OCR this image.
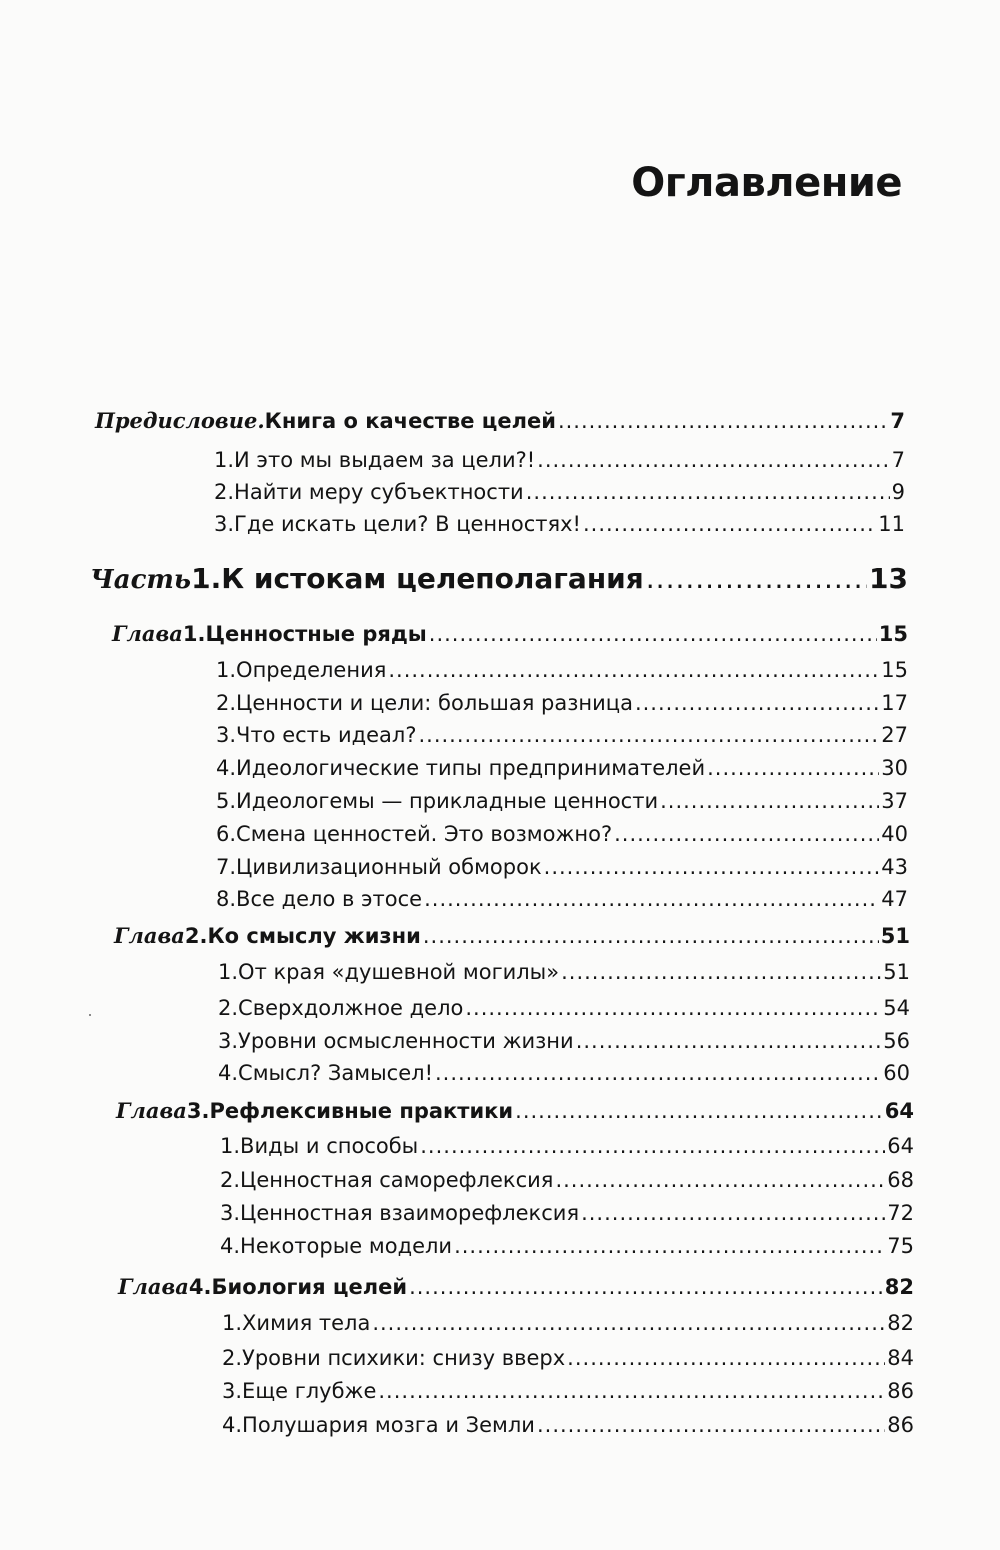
Оглавление
Предисловие. Книга о качестве целей .....	7
1. И это мы выдаем за цели?! .....	7
2. Найти меру субъектности .....	9
3. Где искать цели? В ценностях! .....	11
Часть 1. К истокам целеполагания .....	13
Глава 1. Ценностные ряды .....	15
1. Определения .....	15
2. Ценности и цели: большая разница .....	17
3. Что есть идеал? .....	27
4. Идеологические типы предпринимателей .....	30
5. Идеологемы — прикладные ценности .....	37
6. Смена ценностей. Это возможно? .....	40
7. Цивилизационный обморок .....	43
8. Все дело в этосе .....	47
Глава 2. Ко смыслу жизни .....	51
1. От края «душевной могилы» .....	51
2. Сверхдолжное дело .....	54
3. Уровни осмысленности жизни .....	56
4. Смысл? Замысел! .....	60
Глава 3. Рефлексивные практики .....	64
1. Виды и способы .....	64
2. Ценностная саморефлексия .....	68
3. Ценностная взаиморефлексия .....	72
4. Некоторые модели .....	75
Глава 4. Биология целей .....	82
1. Химия тела .....	82
2. Уровни психики: снизу вверх .....	84
3. Еще глубже .....	86
4. Полушария мозга и Земли .....	86
